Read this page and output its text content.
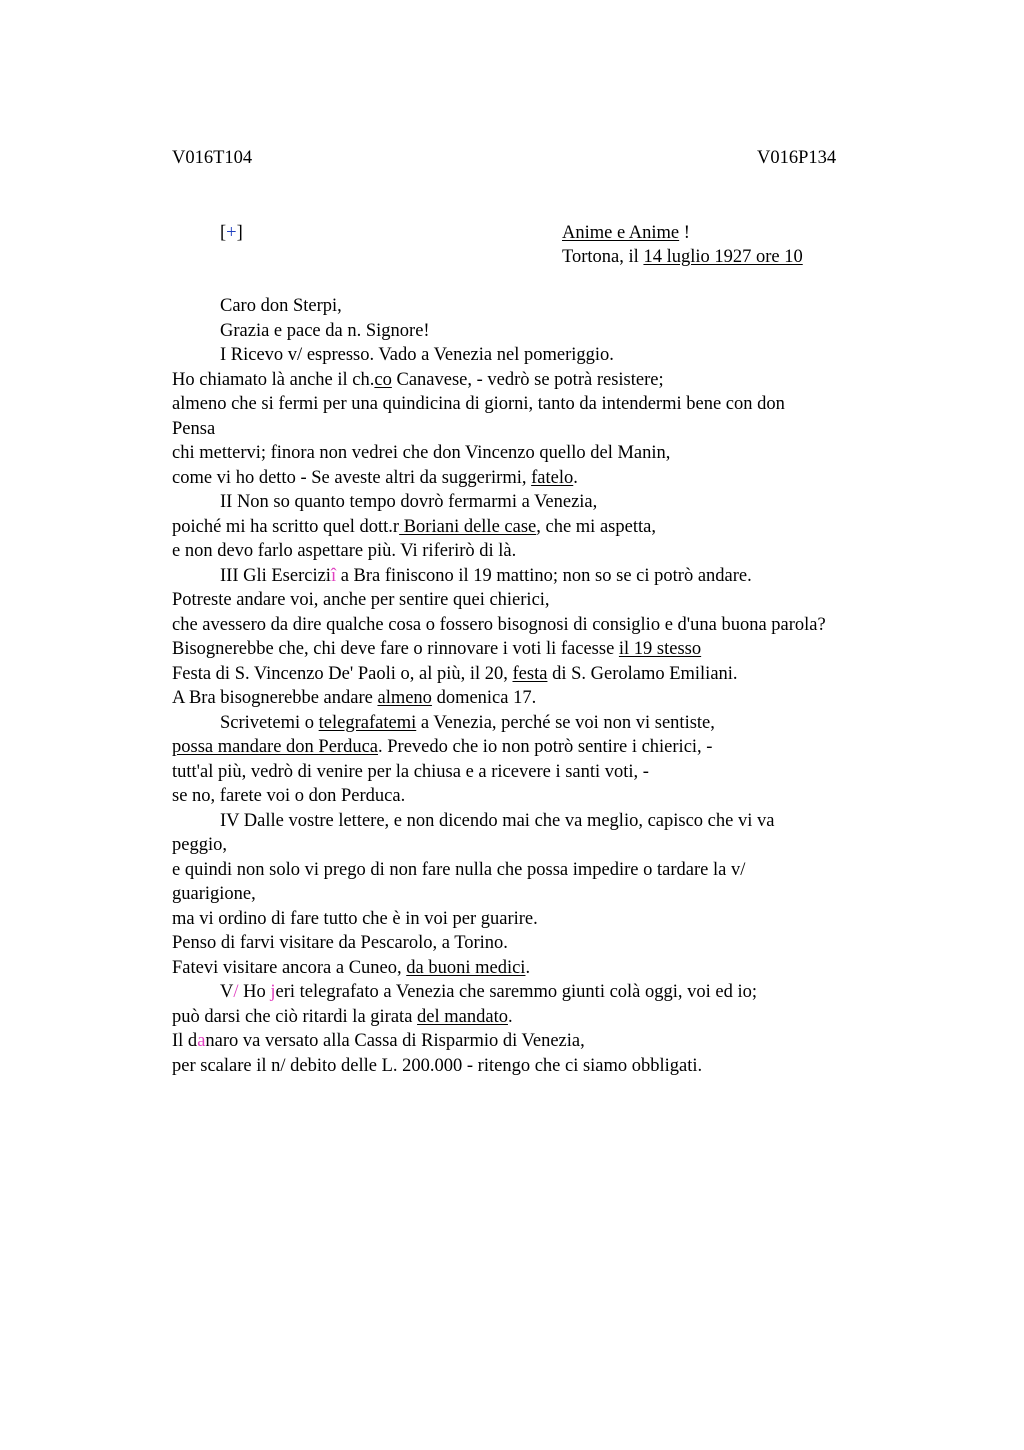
V016T104	V016P134
[+]	Anime e Anime !
Tortona, il 14 luglio 1927 ore 10
Caro don Sterpi,
Grazia e pace da n. Signore!
I Ricevo v/ espresso. Vado a Venezia nel pomeriggio.
Ho chiamato là anche il ch.co Canavese, - vedrò se potrà resistere;
almeno che si fermi per una quindicina di giorni, tanto da intendermi bene con don
Pensa
chi mettervi; finora non vedrei che don Vincenzo quello del Manin,
come vi ho detto - Se aveste altri da suggerirmi, fatelo.
II Non so quanto tempo dovrò fermarmi a Venezia,
poiché mi ha scritto quel dott.r Boriani delle case, che mi aspetta,
e non devo farlo aspettare più. Vi riferirò di là.
III Gli Eserciziî a Bra finiscono il 19 mattino; non so se ci potrò andare.
Potreste andare voi, anche per sentire quei chierici,
che avessero da dire qualche cosa o fossero bisognosi di consiglio e d'una buona parola?
Bisognerebbe che, chi deve fare o rinnovare i voti li facesse il 19 stesso
Festa di S. Vincenzo De' Paoli o, al più, il 20, festa di S. Gerolamo Emiliani.
A Bra bisognerebbe andare almeno domenica 17.
Scrivetemi o telegrafatemi a Venezia, perché se voi non vi sentiste,
possa mandare don Perduca. Prevedo che io non potrò sentire i chierici, -
tutt'al più, vedrò di venire per la chiusa e a ricevere i santi voti, -
se no, farete voi o don Perduca.
IV Dalle vostre lettere, e non dicendo mai che va meglio, capisco che vi va
peggio,
e quindi non solo vi prego di non fare nulla che possa impedire o tardare la v/
guarigione,
ma vi ordino di fare tutto che è in voi per guarire.
Penso di farvi visitare da Pescarolo, a Torino.
Fatevi visitare ancora a Cuneo, da buoni medici.
V/ Ho jeri telegrafato a Venezia che saremmo giunti colà oggi, voi ed io;
può darsi che ciò ritardi la girata del mandato.
Il danaro va versato alla Cassa di Risparmio di Venezia,
per scalare il n/ debito delle L. 200.000 - ritengo che ci siamo obbligati.
